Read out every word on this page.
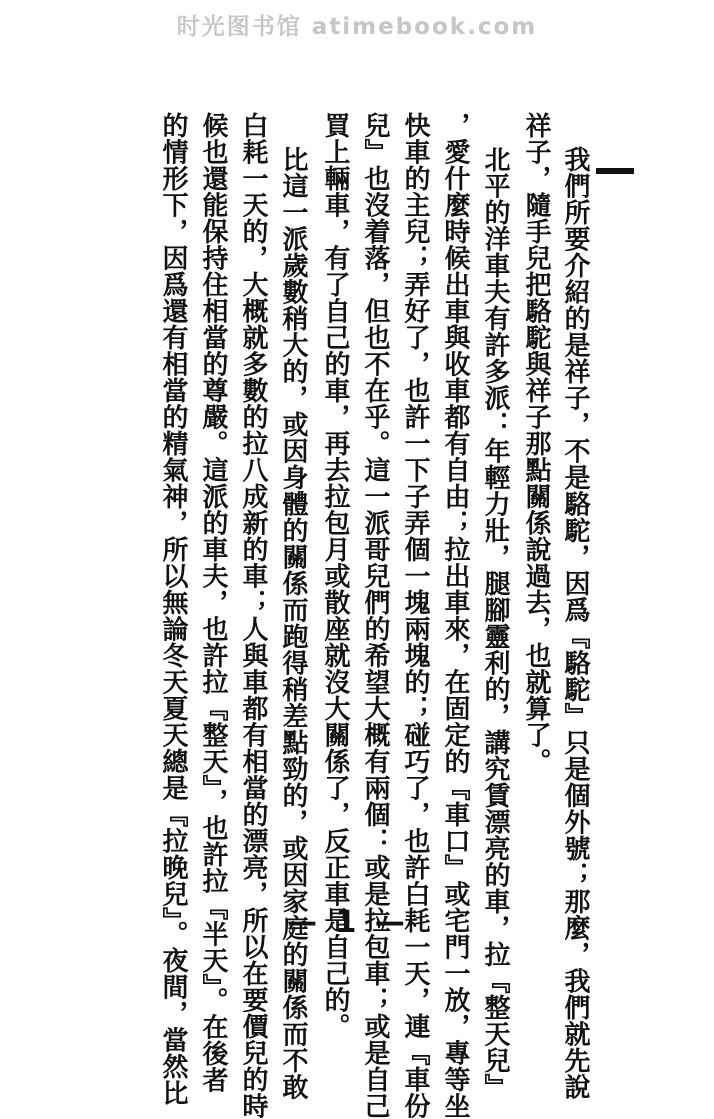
时光图书馆 atimebook.com
我們所要介紹的是祥子，不是駱駝，因爲『駱駝』只是個外號；那麼，我們就先說
祥子，隨手兒把駱駝與祥子那點關係說過去，也就算了。
北平的洋車夫有許多派：年輕力壯，腿腳靈利的，講究賃漂亮的車，拉『整天兒』
，愛什麼時候出車與收車都有自由；拉出車來，在固定的『車口』或宅門一放，專等坐
快車的主兒；弄好了，也許一下子弄個一塊兩塊的；碰巧了，也許白耗一天，連『車份
兒』也沒着落，但也不在乎。這一派哥兒們的希望大概有兩個：或是拉包車；或是自己
買上輛車，有了自己的車，再去拉包月或散座就沒大關係了，反正車是自己的。
比這一派歲數稍大的，或因身體的關係而跑得稍差點勁的，或因家庭的關係而不敢
白耗一天的，大概就多數的拉八成新的車；人與車都有相當的漂亮，所以在要價兒的時
候也還能保持住相當的尊嚴。這派的車夫，也許拉『整天』，也許拉『半天』。在後者
的情形下，因爲還有相當的精氣神，所以無論冬天夏天總是『拉晚兒』。夜間，當然比	— 1 —
